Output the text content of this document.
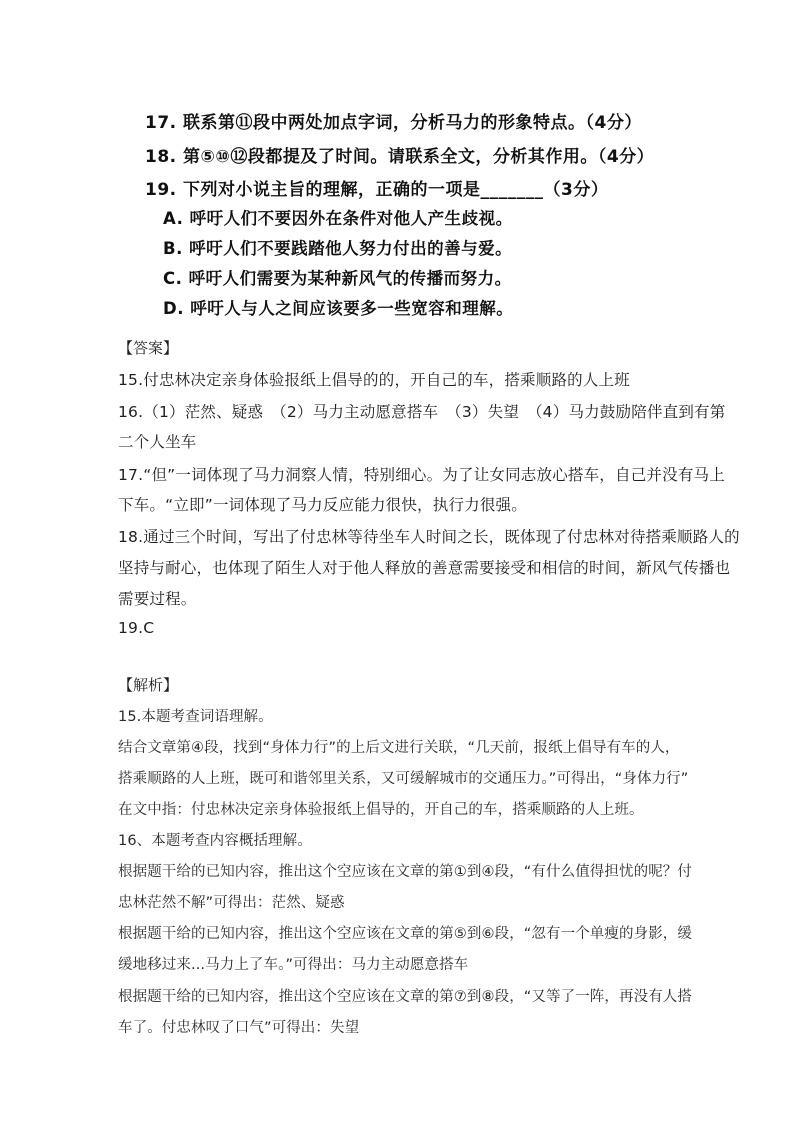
17. 联系第⑪段中两处加点字词，分析马力的形象特点。（4分）
18. 第⑤⑩⑫段都提及了时间。请联系全文，分析其作用。（4分）
19. 下列对小说主旨的理解，正确的一项是_______（3分）
A. 呼吁人们不要因外在条件对他人产生歧视。
B. 呼吁人们不要践踏他人努力付出的善与爱。
C. 呼吁人们需要为某种新风气的传播而努力。
D. 呼吁人与人之间应该要多一些宽容和理解。
【答案】
15.付忠林决定亲身体验报纸上倡导的的，开自己的车，搭乘顺路的人上班
16.（1）茫然、疑惑　（2）马力主动愿意搭车　（3）失望　（4）马力鼓励陪伴直到有第
二个人坐车
17.“但”一词体现了马力洞察人情，特别细心。为了让女同志放心搭车，自己并没有马上
下车。“立即”一词体现了马力反应能力很快，执行力很强。
18.通过三个时间，写出了付忠林等待坐车人时间之长，既体现了付忠林对待搭乘顺路人的
坚持与耐心，也体现了陌生人对于他人释放的善意需要接受和相信的时间，新风气传播也
需要过程。
19.C
【解析】
15.本题考查词语理解。
结合文章第④段，找到“身体力行”的上后文进行关联，“几天前，报纸上倡导有车的人，
搭乘顺路的人上班，既可和谐邻里关系，又可缓解城市的交通压力。”可得出，“身体力行”
在文中指：付忠林决定亲身体验报纸上倡导的，开自己的车，搭乘顺路的人上班。
16、本题考查内容概括理解。
根据题干给的已知内容，推出这个空应该在文章的第①到④段，“有什么值得担忧的呢？付
忠林茫然不解”可得出：茫然、疑惑
根据题干给的已知内容，推出这个空应该在文章的第⑤到⑥段，“忽有一个单瘦的身影，缓
缓地移过来...马力上了车。”可得出：马力主动愿意搭车
根据题干给的已知内容，推出这个空应该在文章的第⑦到⑧段，“又等了一阵，再没有人搭
车了。付忠林叹了口气”可得出：失望
